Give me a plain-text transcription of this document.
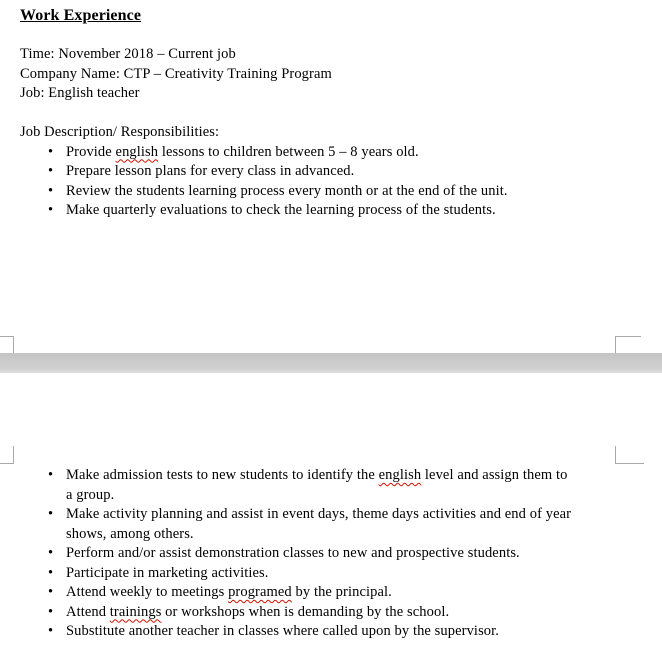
Work Experience
Time: November 2018 – Current job
Company Name: CTP – Creativity Training Program
Job: English teacher
Job Description/ Responsibilities:
• Provide english lessons to children between 5 – 8 years old.
• Prepare lesson plans for every class in advanced.
• Review the students learning process every month or at the end of the unit.
• Make quarterly evaluations to check the learning process of the students.
• Make admission tests to new students to identify the english level and assign them to
a group.
• Make activity planning and assist in event days, theme days activities and end of year
shows, among others.
• Perform and/or assist demonstration classes to new and prospective students.
• Participate in marketing activities.
• Attend weekly to meetings programed by the principal.
• Attend trainings or workshops when is demanding by the school.
• Substitute another teacher in classes where called upon by the supervisor.
